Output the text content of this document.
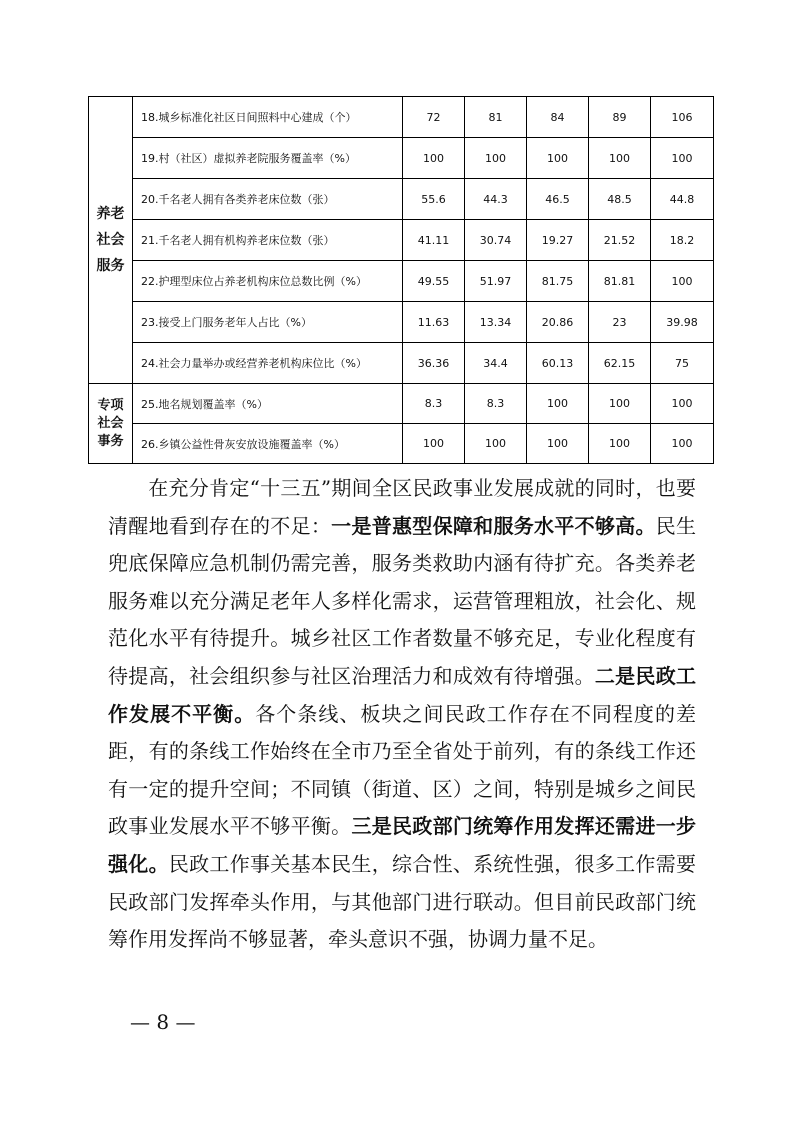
养老
社会
服务	18.城乡标准化社区日间照料中心建成（个）	72	81	84	89	106
	19.村（社区）虚拟养老院服务覆盖率（%）	100	100	100	100	100
	20.千名老人拥有各类养老床位数（张）	55.6	44.3	46.5	48.5	44.8
	21.千名老人拥有机构养老床位数（张）	41.11	30.74	19.27	21.52	18.2
	22.护理型床位占养老机构床位总数比例（%）	49.55	51.97	81.75	81.81	100
	23.接受上门服务老年人占比（%）	11.63	13.34	20.86	23	39.98
	24.社会力量举办或经营养老机构床位比（%）	36.36	34.4	60.13	62.15	75
专项
社会
事务	25.地名规划覆盖率（%）	8.3	8.3	100	100	100
	26.乡镇公益性骨灰安放设施覆盖率（%）	100	100	100	100	100
在充分肯定“十三五”期间全区民政事业发展成就的同时，也要清醒地看到存在的不足：一是普惠型保障和服务水平不够高。民生兜底保障应急机制仍需完善，服务类救助内涵有待扩充。各类养老服务难以充分满足老年人多样化需求，运营管理粗放，社会化、规范化水平有待提升。城乡社区工作者数量不够充足，专业化程度有待提高，社会组织参与社区治理活力和成效有待增强。二是民政工作发展不平衡。各个条线、板块之间民政工作存在不同程度的差距，有的条线工作始终在全市乃至全省处于前列，有的条线工作还有一定的提升空间；不同镇（街道、区）之间，特别是城乡之间民政事业发展水平不够平衡。三是民政部门统筹作用发挥还需进一步强化。民政工作事关基本民生，综合性、系统性强，很多工作需要民政部门发挥牵头作用，与其他部门进行联动。但目前民政部门统筹作用发挥尚不够显著，牵头意识不强，协调力量不足。
— 8 —
